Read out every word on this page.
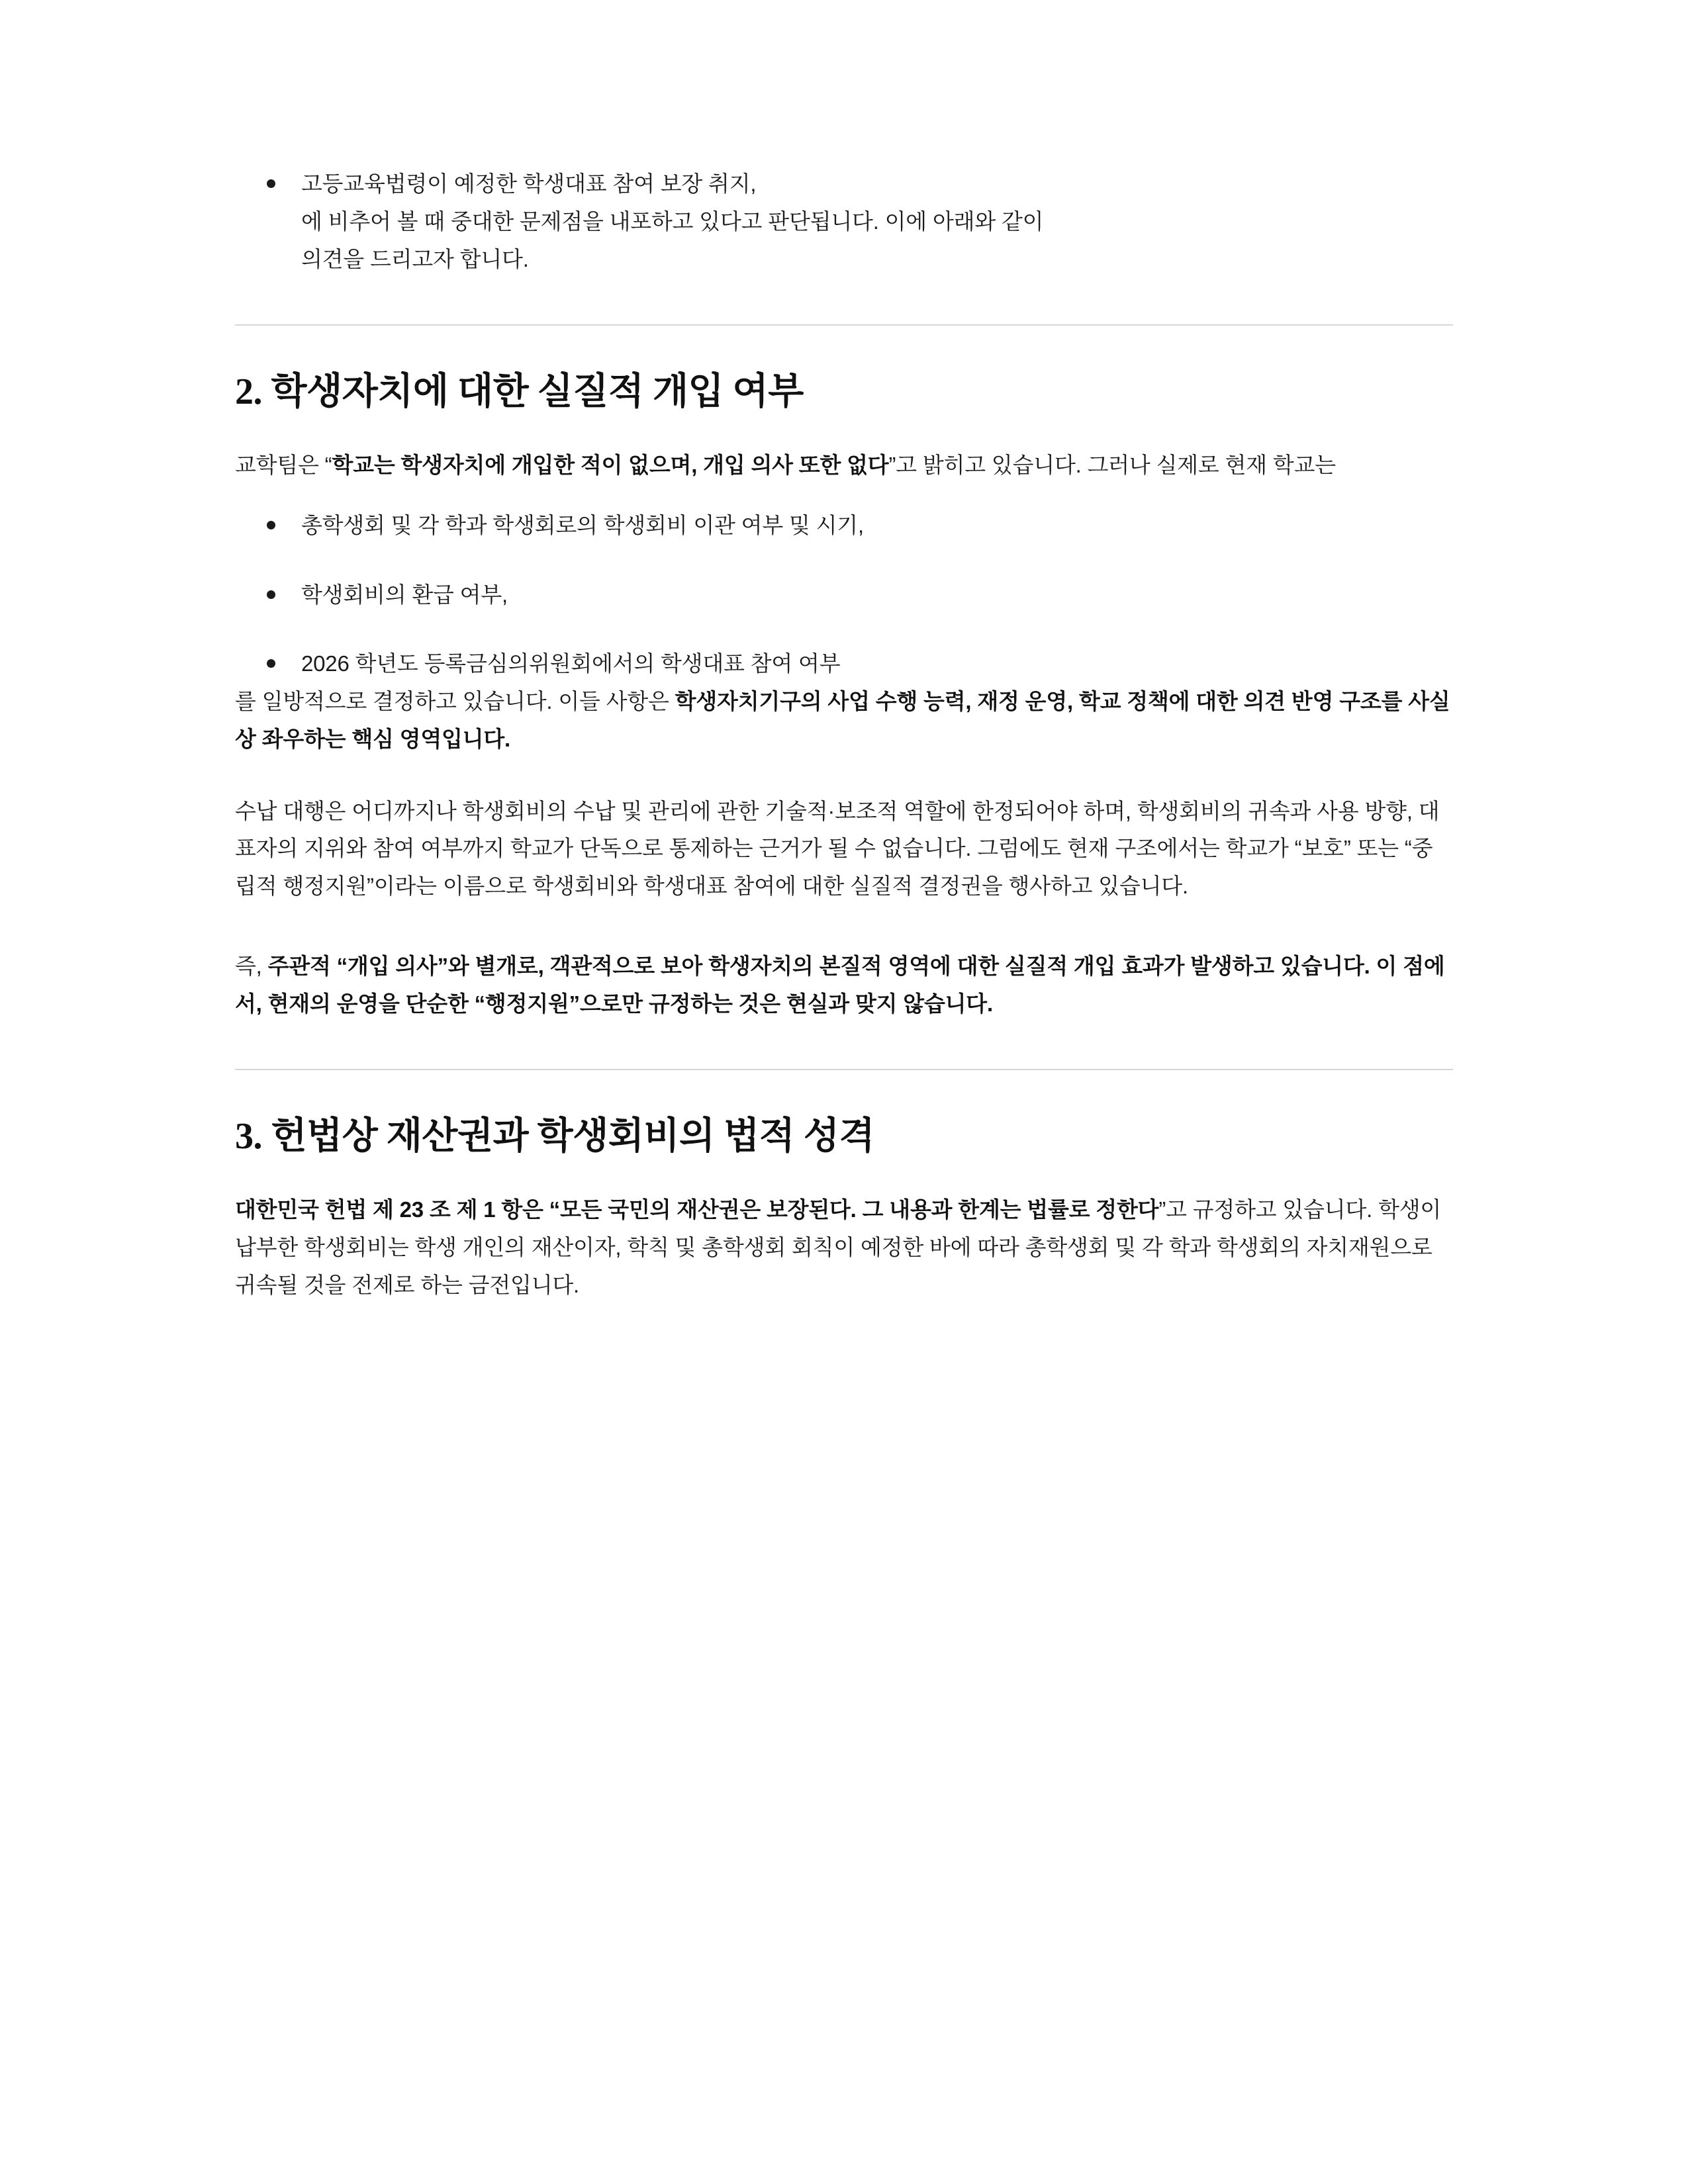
고등교육법령이 예정한 학생대표 참여 보장 취지,
에 비추어 볼 때 중대한 문제점을 내포하고 있다고 판단됩니다. 이에 아래와 같이
의견을 드리고자 합니다.
2. 학생자치에 대한 실질적 개입 여부

교학팀은 “학교는 학생자치에 개입한 적이 없으며, 개입 의사 또한 없다”고 밝히고 있습니다. 그러나 실제로 현재 학교는

총학생회 및 각 학과 학생회로의 학생회비 이관 여부 및 시기,
학생회비의 환급 여부,
2026 학년도 등록금심의위원회에서의 학생대표 참여 여부

를 일방적으로 결정하고 있습니다. 이들 사항은 학생자치기구의 사업 수행 능력, 재정 운영, 학교 정책에 대한 의견 반영 구조를 사실상 좌우하는 핵심 영역입니다.

수납 대행은 어디까지나 학생회비의 수납 및 관리에 관한 기술적·보조적 역할에 한정되어야 하며, 학생회비의 귀속과 사용 방향, 대표자의 지위와 참여 여부까지 학교가 단독으로 통제하는 근거가 될 수 없습니다. 그럼에도 현재 구조에서는 학교가 “보호” 또는 “중립적 행정지원”이라는 이름으로 학생회비와 학생대표 참여에 대한 실질적 결정권을 행사하고 있습니다.

즉, 주관적 “개입 의사”와 별개로, 객관적으로 보아 학생자치의 본질적 영역에 대한 실질적 개입 효과가 발생하고 있습니다. 이 점에서, 현재의 운영을 단순한 “행정지원”으로만 규정하는 것은 현실과 맞지 않습니다.

3. 헌법상 재산권과 학생회비의 법적 성격

대한민국 헌법 제 23 조 제 1 항은 “모든 국민의 재산권은 보장된다. 그 내용과 한계는 법률로 정한다”고 규정하고 있습니다. 학생이 납부한 학생회비는 학생 개인의 재산이자, 학칙 및 총학생회 회칙이 예정한 바에 따라 총학생회 및 각 학과 학생회의 자치재원으로 귀속될 것을 전제로 하는 금전입니다.
